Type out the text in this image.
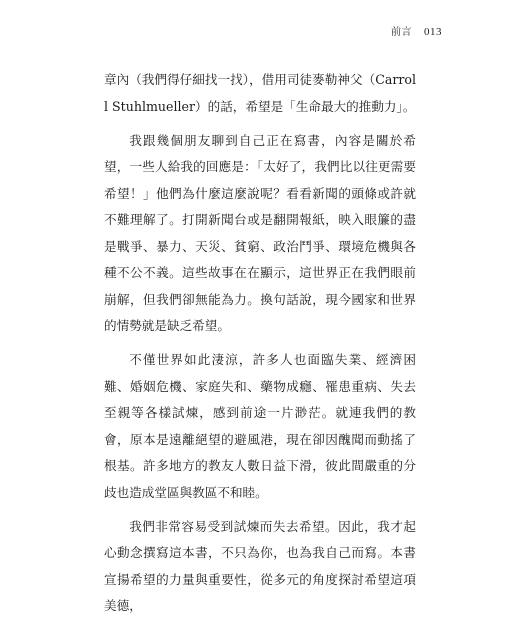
前言 013

章內（我們得仔細找一找），借用司徒麥勒神父（Carroll Stuhlmueller）的話，希望是「生命最大的推動力」。

我跟幾個朋友聊到自己正在寫書，內容是關於希望，一些人給我的回應是：「太好了，我們比以往更需要希望！」他們為什麼這麼說呢？看看新聞的頭條或許就不難理解了。打開新聞台或是翻開報紙，映入眼簾的盡是戰爭、暴力、天災、貧窮、政治鬥爭、環境危機與各種不公不義。這些故事在在顯示，這世界正在我們眼前崩解，但我們卻無能為力。換句話說，現今國家和世界的情勢就是缺乏希望。

不僅世界如此淒涼，許多人也面臨失業、經濟困難、婚姻危機、家庭失和、藥物成癮、罹患重病、失去至親等各樣試煉，感到前途一片渺茫。就連我們的教會，原本是遠離絕望的避風港，現在卻因醜聞而動搖了根基。許多地方的教友人數日益下滑，彼此間嚴重的分歧也造成堂區與教區不和睦。

我們非常容易受到試煉而失去希望。因此，我才起心動念撰寫這本書，不只為你，也為我自己而寫。本書宣揚希望的力量與重要性，從多元的角度探討希望這項美德，
